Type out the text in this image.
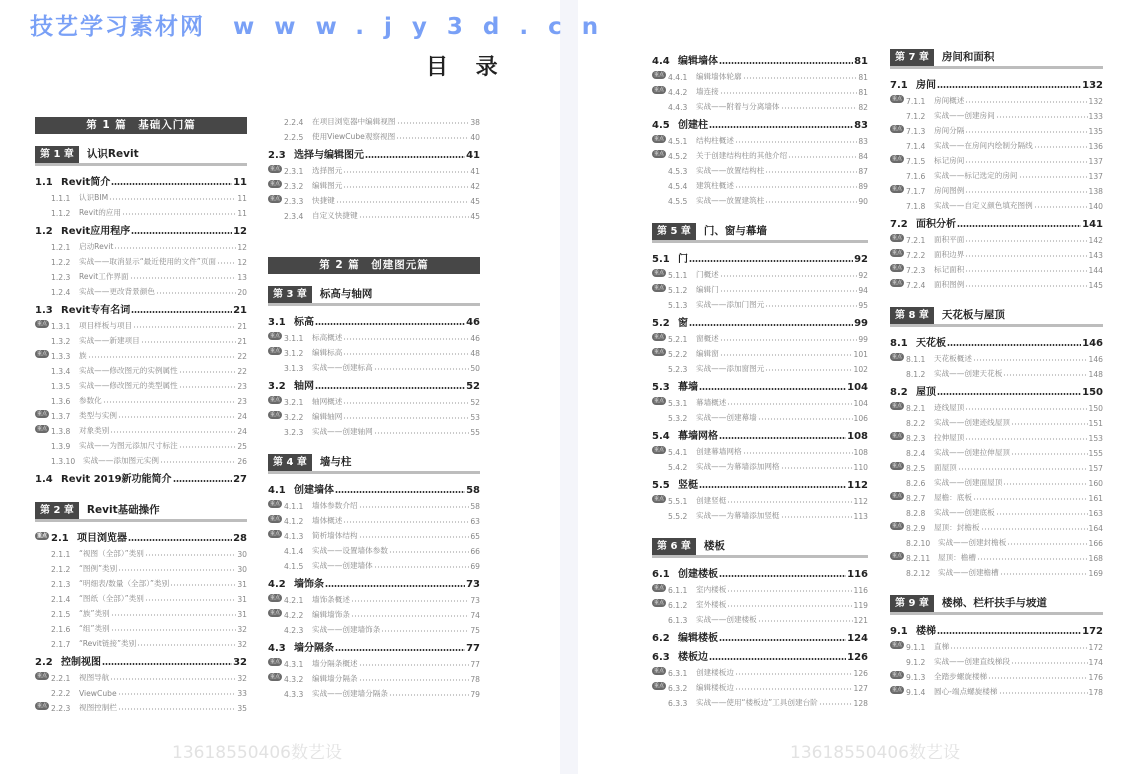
目 录
第 1 篇　基础入门篇
第 1 章	认识Revit
1.1 Revit简介	11
1.1.1	认识BIM	11
1.1.2	Revit的应用	11
1.2 Revit应用程序	12
1.2.1	启动Revit	12
1.2.2	实战——取消显示“最近使用的文件”页面	12
1.2.3	Revit工作界面	13
1.2.4	实战——更改背景颜色	20
1.3 Revit专有名词	21
重点 1.3.1	项目样板与项目	21
1.3.2	实战——新建项目	21
重点 1.3.3	族	22
1.3.4	实战——修改图元的实例属性	22
1.3.5	实战——修改图元的类型属性	23
1.3.6	参数化	23
重点 1.3.7	类型与实例	24
重点 1.3.8	对象类别	24
1.3.9	实战——为图元添加尺寸标注	25
1.3.10	实战——添加图元实例	26
1.4 Revit 2019新功能简介	27
第 2 章	Revit基础操作
重点 2.1 项目浏览器	28
2.1.1	“视图（全部）”类别	30
2.1.2	“图例”类别	30
2.1.3	“明细表/数量（全部）”类别	31
2.1.4	“图纸（全部）”类别	31
2.1.5	“族”类别	31
2.1.6	“组”类别	32
2.1.7	“Revit链接”类别	32
2.2 控制视图	32
重点 2.2.1	视图导航	32
2.2.2	ViewCube	33
重点 2.2.3	视图控制栏	35
2.2.4	在项目浏览器中编辑视图	38
2.2.5	使用ViewCube观察视图	40
2.3 选择与编辑图元	41
重点 2.3.1	选择图元	41
重点 2.3.2	编辑图元	42
重点 2.3.3	快捷键	45
2.3.4	自定义快捷键	45
第 2 篇　创建图元篇
第 3 章	标高与轴网
3.1 标高	46
重点 3.1.1	标高概述	46
重点 3.1.2	编辑标高	48
3.1.3	实战——创建标高	50
3.2 轴网	52
重点 3.2.1	轴网概述	52
重点 3.2.2	编辑轴网	53
3.2.3	实战——创建轴网	55
第 4 章	墙与柱
4.1 创建墙体	58
重点 4.1.1	墙体参数介绍	58
重点 4.1.2	墙体概述	63
重点 4.1.3	简析墙体结构	65
4.1.4	实战——设置墙体参数	66
4.1.5	实战——创建墙体	69
4.2 墙饰条	73
重点 4.2.1	墙饰条概述	73
重点 4.2.2	编辑墙饰条	74
4.2.3	实战——创建墙饰条	75
4.3 墙分隔条	77
重点 4.3.1	墙分隔条概述	77
重点 4.3.2	编辑墙分隔条	78
4.3.3	实战——创建墙分隔条	79
4.4 编辑墙体	81
重点 4.4.1	编辑墙体轮廓	81
重点 4.4.2	墙连接	81
4.4.3	实战——附着与分离墙体	82
4.5 创建柱	83
重点 4.5.1	结构柱概述	83
重点 4.5.2	关于创建结构柱的其他介绍	84
4.5.3	实战——放置结构柱	87
4.5.4	建筑柱概述	89
4.5.5	实战——放置建筑柱	90
第 5 章	门、窗与幕墙
5.1 门	92
重点 5.1.1	门概述	92
重点 5.1.2	编辑门	94
5.1.3	实战——添加门图元	95
5.2 窗	99
重点 5.2.1	窗概述	99
重点 5.2.2	编辑窗	101
5.2.3	实战——添加窗图元	102
5.3 幕墙	104
重点 5.3.1	幕墙概述	104
5.3.2	实战——创建幕墙	106
5.4 幕墙网格	108
重点 5.4.1	创建幕墙网格	108
5.4.2	实战——为幕墙添加网格	110
5.5 竖梃	112
重点 5.5.1	创建竖梃	112
5.5.2	实战——为幕墙添加竖梃	113
第 6 章	楼板
6.1 创建楼板	116
重点 6.1.1	室内楼板	116
重点 6.1.2	室外楼板	119
6.1.3	实战——创建楼板	121
6.2 编辑楼板	124
6.3 楼板边	126
重点 6.3.1	创建楼板边	126
重点 6.3.2	编辑楼板边	127
6.3.3	实战——使用“楼板边”工具创建台阶	128
第 7 章	房间和面积
7.1 房间	132
重点 7.1.1	房间概述	132
7.1.2	实战——创建房间	133
重点 7.1.3	房间分隔	135
7.1.4	实战——在房间内绘制分隔线	136
重点 7.1.5	标记房间	137
7.1.6	实战——标记选定的房间	137
重点 7.1.7	房间图例	138
7.1.8	实战——自定义颜色填充图例	140
7.2 面积分析	141
重点 7.2.1	面积平面	142
重点 7.2.2	面积边界	143
重点 7.2.3	标记面积	144
重点 7.2.4	面积图例	145
第 8 章	天花板与屋顶
8.1 天花板	146
重点 8.1.1	天花板概述	146
8.1.2	实战——创建天花板	148
8.2 屋顶	150
重点 8.2.1	迹线屋顶	150
8.2.2	实战——创建迹线屋顶	151
重点 8.2.3	拉伸屋顶	153
8.2.4	实战——创建拉伸屋顶	155
重点 8.2.5	面屋顶	157
8.2.6	实战——创建面屋顶	160
重点 8.2.7	屋檐：底板	161
8.2.8	实战——创建底板	163
重点 8.2.9	屋顶：封檐板	164
8.2.10	实战——创建封檐板	166
重点 8.2.11	屋顶：檐槽	168
8.2.12	实战——创建檐槽	169
第 9 章	楼梯、栏杆扶手与坡道
9.1 楼梯	172
重点 9.1.1	直梯	172
9.1.2	实战——创建直线梯段	174
重点 9.1.3	全踏步螺旋楼梯	176
重点 9.1.4	圆心-端点螺旋楼梯	178
13618550406数艺设	13618550406数艺设
技艺学习素材网 www.jy3d.cn
